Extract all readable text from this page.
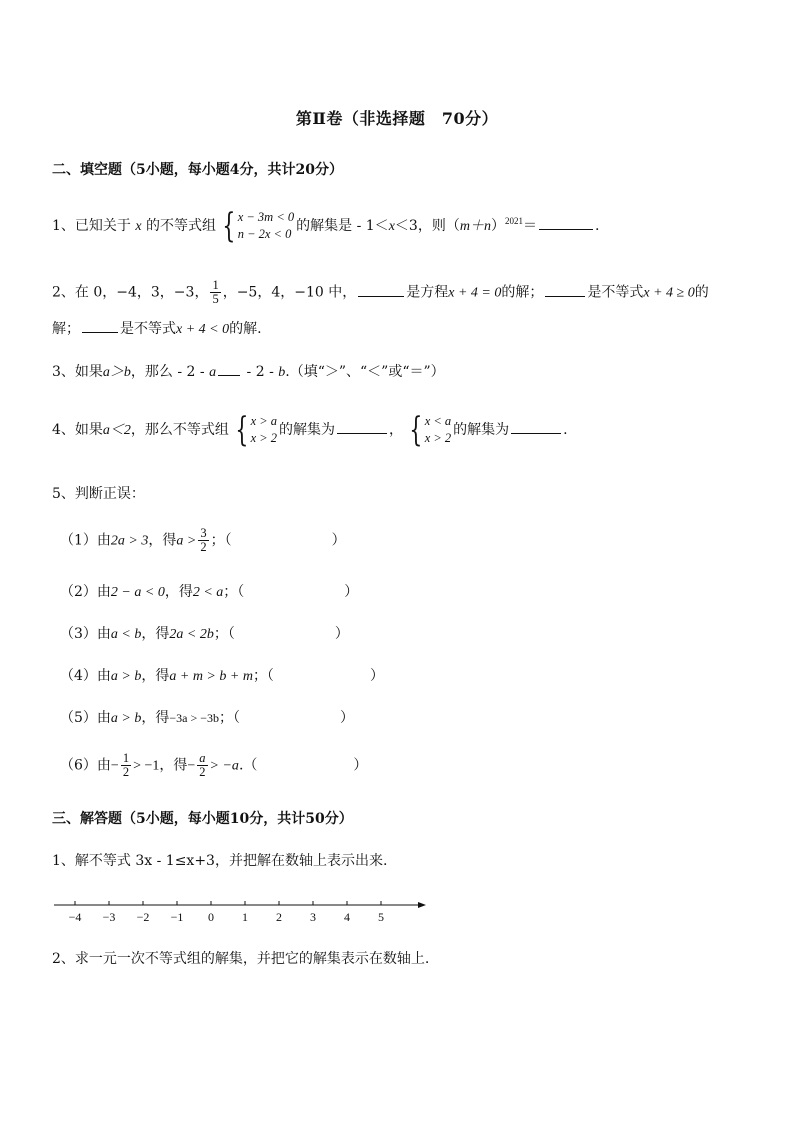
第Ⅱ卷（非选择题　70分）
二、填空题（5小题，每小题4分，共计20分）
1、已知关于 x 的不等式组 { x − 3m < 0
n − 2x < 0 的解集是 - 1＜x＜3，则$(m+n)^{2021}=$	.
2、在 0，−4，3，−3， $\frac{1}{5}$ ，−5，4，−10 中，	是方程x + 4 = 0的解；	是不等式x + 4 ≥ 0的
解；	是不等式x + 4 < 0的解.
3、如果a＞b，那么 - 2 - a - 2 - b.（填“＞”、“＜”或“＝”）
4、如果a＜2，那么不等式组 { x > a
x > 2 的解集为	， { x < a
x > 2 的解集为	.
5、判断正误：
（1）由2a > 3，得$a > \frac{3}{2}$ ；（	）
（2）由2 − a < 0，得2 < a；（	）
（3）由a < b，得2a < 2b；（	）
（4）由a > b，得a + m > b + m；（	）
（5）由a > b，得−3a > −3b；（	）
（6）由− $\frac{1}{2} > -1$，得− $\frac{a}{2} > -a$.（	）
三、解答题（5小题，每小题10分，共计50分）
1、解不等式 3x - 1≤x+3，并把解在数轴上表示出来.
−4 −3 −2 −1 0 1 2 3 4 5
2、求一元一次不等式组的解集，并把它的解集表示在数轴上.
